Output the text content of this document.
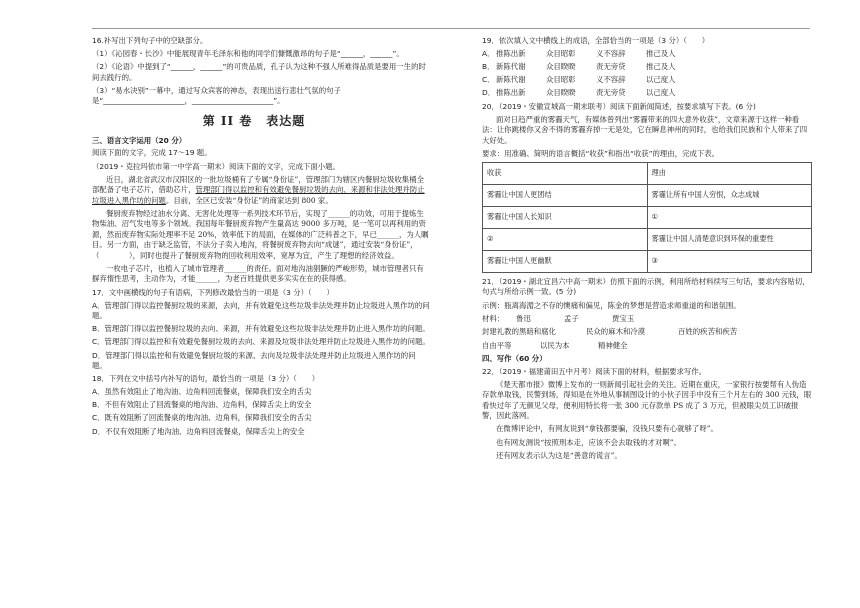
16.补写出下列句子中的空缺部分。

（1）《沁园春・长沙》中能展现青年毛泽东和他的同学们慷慨激昂的句子是“______，______”。

（2）《论语》中提到了“______，______”的可贵品质，孔子认为这种不强人所难得品质是要用一生的时间去践行的。

（3）“易水决别”一幕中，通过写众宾客的神态，表现出送行悲壮气氛的句子是“______________________，______________________”。

第 II 卷 表达题

三、语言文字运用（20 分）

阅读下面的文字，完成 17～19 题。

（2019・克拉玛依市第一中学高一期末）阅读下面的文字，完成下面小题。

近日，湖北省武汉市汉阳区的一批垃圾桶有了专属“身份证”，管理部门为辖区内餐厨垃圾收集桶全部配备了电子芯片，借助芯片，管理部门得以监控和有效避免餐厨垃圾的去向、来源和非法处理并防止垃圾进入黑作坊的问题。目前，全区已安装“身份证”的商家达到 800 家。

餐厨废弃物经过油水分离、无害化处理等一系列技术环节后，实现了______的功效，可用于提炼生物柴油、沼气发电等多个领域。我国每年餐厨废弃物产生量高达 9000 多万吨，是一笔可以再利用的资源，然而废弃物实际处理率不足 20%，效率低下的局面，在媒体的广泛科普之下，早已______，为人瞩目。另一方面，由于缺乏监管，不法分子卖入地沟，将餐厨废弃物去向“成谜”，通过安装“身份证”，（　　　　），同时也提升了餐厨废弃物的回收利用效率，宽厚为宜，产生了理想的经济效益。

一枚电子芯片，也植入了城市管理者______的责任。面对地沟油猖獗的严峻形势，城市管理者只有摒弃惰性思考，主动作为，才能______，为老百姓提供更多实实在在的获得感。

17．文中画横线的句子有语病，下列修改最恰当的一项是（3 分）（　　）

A．管理部门得以监控餐厨垃圾的来源，去向，并有效避免这些垃圾非法处理并防止垃圾进入黑作坊的问题。

B．管理部门得以监控餐厨垃圾的去向、来源，并有效避免这些垃圾非法处理并防止进入黑作坊的问题。

C．管理部门得以监控和有效避免餐厨垃圾的去向、来源及垃圾非法处理并防止垃圾进入黑作坊的问题。

D．管理部门得以监控和有效避免餐厨垃圾的来源、去向及垃圾非法处理并防止垃圾进入黑作坊的问题。

18．下列在文中括号内补写的语句，最恰当的一项是（3 分）（　　）

A．虽然有效阻止了地沟油、边角料回流餐桌，保障我们安全的舌尖

B．不但有效阻止了回流餐桌的地沟油、边角料，保障舌尖上的安全

C．既有效阻断了回流餐桌的地沟油、边角料，保障我们安全的舌尖

D．不仅有效阻断了地沟油、边角料回流餐桌，保障舌尖上的安全

19．依次填入文中横线上的成语，全部恰当的一项是（3 分）（　　）

A． 推陈出新	众目昭彰	义不容辞	推己及人
B． 新陈代谢	众目睽睽	责无旁贷	推己及人
C． 新陈代谢	众目昭彰	义不容辞	以己度人
D． 推陈出新	众目睽睽	责无旁贷	以己度人

20．（2019・安徽宣城高一期末联考）阅读下面新闻简述，按要求填写下表。(6 分)

面对日趋严重的雾霾天气，有媒体曾列出“雾霾带来的四大意外收获”，文章来源于这样一种看法：让你跳楼你又舍不得的雾霾弃掉一无是处，它在瞬息神州的同时，也给我们民族和个人带来了四大好处。

要求：用准确、简明的语言概括“收获”和指出“收获”的理由，完成下表。

收获	理由
雾霾让中国人更团结	雾霾让所有中国人穷恨，众志成城
雾霾让中国人长知识	①
②	雾霾让中国人清楚意识到环保的重要性
雾霾让中国人更幽默	③

21．（2019・湖北宜昌六中高一期末）仿照下面的示例，利用所给材料续写三句话，要求内容贴切，句式与所给示例一致。(5 分)

示例：瓶离海湄之不存的懊痛和偏见，陈金的梦想是营造求师重道的和谐氛围。

材料：	鲁迅	孟子	贾宝玉
封建礼教的黑暗和腐化	民众的麻木和冷漠	百姓的疾苦和疾苦
自由平等	以民为本	精神健全

四、写作（60 分）

22．（2019・福建莆田五中月考）阅读下面的材料，根据要求写作。

《楚天都市报》微博上发布的一则新闻引起社会的关注。近期在重庆，一家银行按要帮有人伪造存款单取钱，民警到场，得知是在外地从事制图设计的小伙子因手中没有三个月左右的 300 元钱，眼看快过年了无颜见父母，便利用特长将一张 300 元存款单 PS 成了 3 万元，但被眼尖员工识破报警，因此落网。

在微博评论中，有网友说到“拿钱都要骗，没钱只要有心就够了呀”。

也有网友测说“按照刑本走，应该不会去取钱的才对啊”。

还有网友表示认为这是“善意的谎言”。
